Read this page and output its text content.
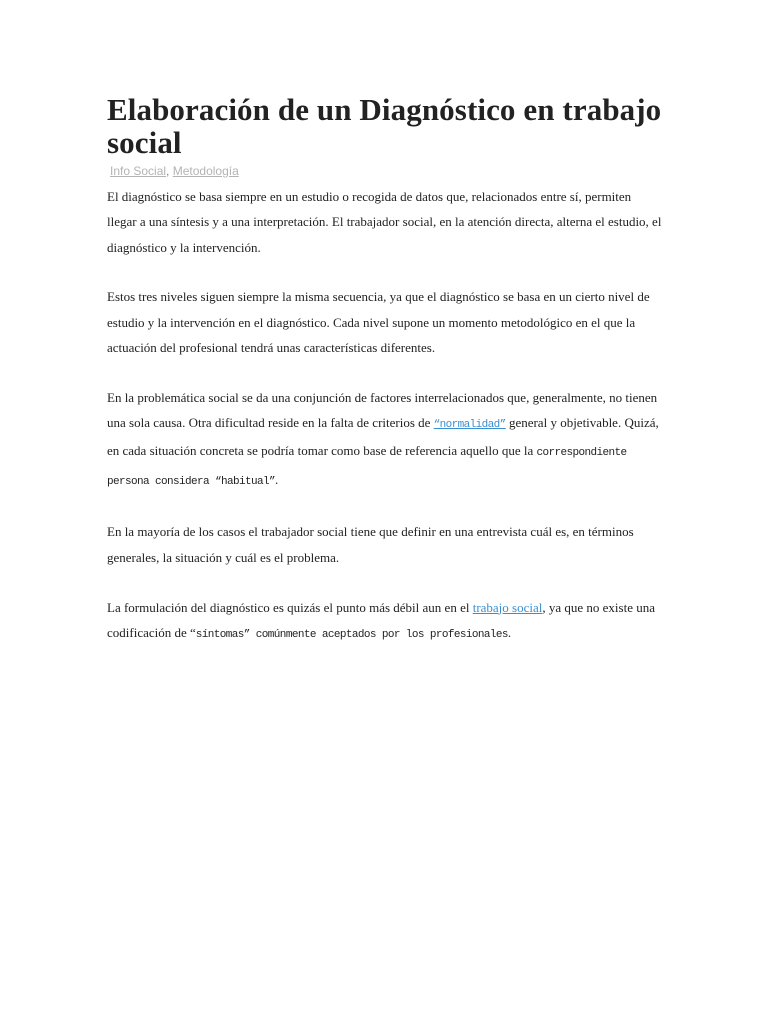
Elaboración de un Diagnóstico en trabajo social
Info Social, Metodología

El diagnóstico se basa siempre en un estudio o recogida de datos que, relacionados entre sí, permiten llegar a una síntesis y a una interpretación. El trabajador social, en la atención directa, alterna el estudio, el diagnóstico y la intervención.

Estos tres niveles siguen siempre la misma secuencia, ya que el diagnóstico se basa en un cierto nivel de estudio y la intervención en el diagnóstico. Cada nivel supone un momento metodológico en el que la actuación del profesional tendrá unas características diferentes.

En la problemática social se da una conjunción de factores interrelacionados que, generalmente, no tienen una sola causa. Otra dificultad reside en la falta de criterios de “normalidad” general y objetivable. Quizá, en cada situación concreta se podría tomar como base de referencia aquello que la correspondiente persona considera “habitual”.

En la mayoría de los casos el trabajador social tiene que definir en una entrevista cuál es, en términos generales, la situación y cuál es el problema.

La formulación del diagnóstico es quizás el punto más débil aun en el trabajo social, ya que no existe una codificación de “síntomas” comúnmente aceptados por los profesionales.
